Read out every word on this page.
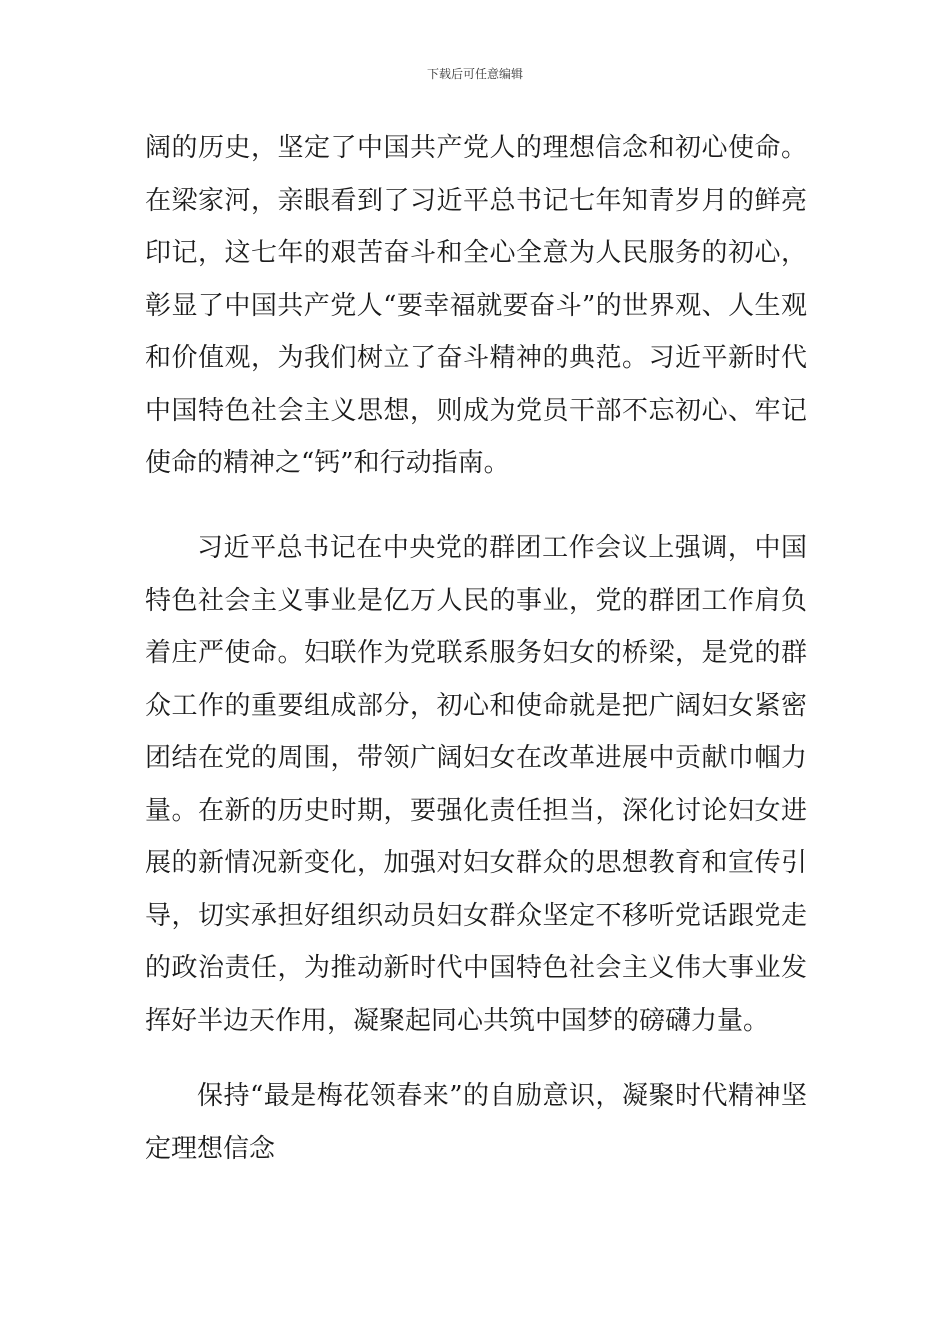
下载后可任意编辑

阔的历史，坚定了中国共产党人的理想信念和初心使命。在梁家河，亲眼看到了习近平总书记七年知青岁月的鲜亮印记，这七年的艰苦奋斗和全心全意为人民服务的初心，彰显了中国共产党人“要幸福就要奋斗”的世界观、人生观和价值观，为我们树立了奋斗精神的典范。习近平新时代中国特色社会主义思想，则成为党员干部不忘初心、牢记使命的精神之“钙”和行动指南。

习近平总书记在中央党的群团工作会议上强调，中国特色社会主义事业是亿万人民的事业，党的群团工作肩负着庄严使命。妇联作为党联系服务妇女的桥梁，是党的群众工作的重要组成部分，初心和使命就是把广阔妇女紧密团结在党的周围，带领广阔妇女在改革进展中贡献巾帼力量。在新的历史时期，要强化责任担当，深化讨论妇女进展的新情况新变化，加强对妇女群众的思想教育和宣传引导，切实承担好组织动员妇女群众坚定不移听党话跟党走的政治责任，为推动新时代中国特色社会主义伟大事业发挥好半边天作用，凝聚起同心共筑中国梦的磅礴力量。

保持“最是梅花领春来”的自励意识，凝聚时代精神坚定理想信念
